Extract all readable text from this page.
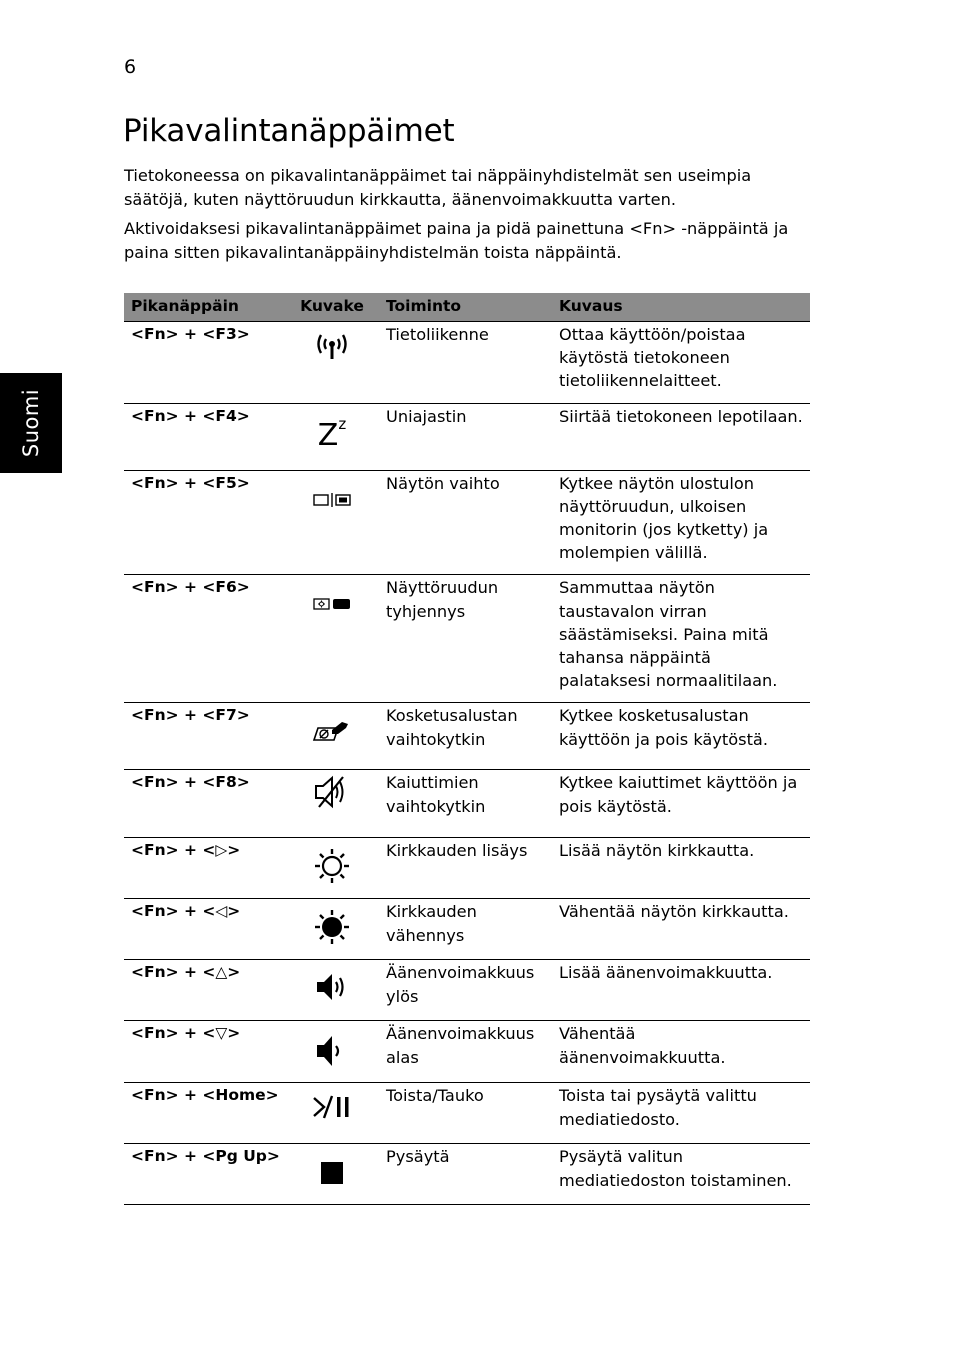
6
Suomi
Pikavalintanäppäimet

Tietokoneessa on pikavalintanäppäimet tai näppäinyhdistelmät sen useimpia säätöjä, kuten näyttöruudun kirkkautta, äänenvoimakkuutta varten.

Aktivoidaksesi pikavalintanäppäimet paina ja pidä painettuna <Fn> -näppäintä ja paina sitten pikavalintanäppäinyhdistelmän toista näppäintä.

Pikanäppäin	Kuvake	Toiminto	Kuvaus
<Fn> + <F3>		Tietoliikenne	Ottaa käyttöön/poistaa käytöstä tietokoneen tietoliikennelaitteet.
<Fn> + <F4>	$Z^z$	Uniajastin	Siirtää tietokoneen lepotilaan.
<Fn> + <F5>		Näytön vaihto	Kytkee näytön ulostulon näyttöruudun, ulkoisen monitorin (jos kytketty) ja molempien välillä.
<Fn> + <F6>		Näyttöruudun tyhjennys	Sammuttaa näytön taustavalon virran säästämiseksi. Paina mitä tahansa näppäintä palataksesi normaalitilaan.
<Fn> + <F7>		Kosketusalustan vaihtokytkin	Kytkee kosketusalustan käyttöön ja pois käytöstä.
<Fn> + <F8>		Kaiuttimien vaihtokytkin	Kytkee kaiuttimet käyttöön ja pois käytöstä.
<Fn> + <▷>		Kirkkauden lisäys	Lisää näytön kirkkautta.
<Fn> + <◁>		Kirkkauden vähennys	Vähentää näytön kirkkautta.
<Fn> + <△>		Äänenvoimakkuus ylös	Lisää äänenvoimakkuutta.
<Fn> + <▽>		Äänenvoimakkuus alas	Vähentää äänenvoimakkuutta.
<Fn> + <Home>		Toista/Tauko	Toista tai pysäytä valittu mediatiedosto.
<Fn> + <Pg Up>		Pysäytä	Pysäytä valitun mediatiedoston toistaminen.
